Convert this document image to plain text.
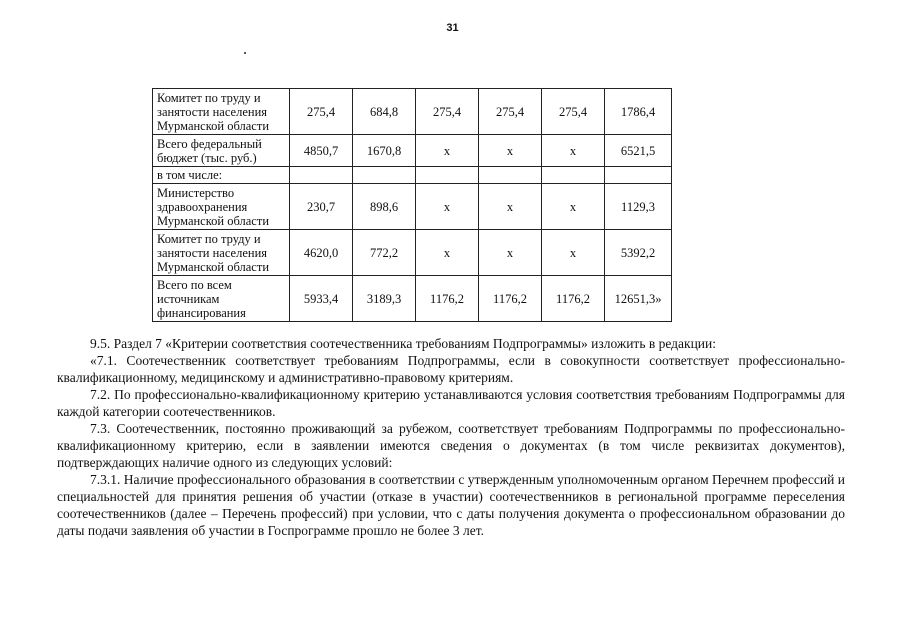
31
Комитет по труду и занятости населения Мурманской области	275,4	684,8	275,4	275,4	275,4	1786,4
Всего федеральный бюджет (тыс. руб.)	4850,7	1670,8	х	х	х	6521,5
в том числе:						
Министерство здравоохранения Мурманской области	230,7	898,6	х	х	х	1129,3
Комитет по труду и занятости населения Мурманской области	4620,0	772,2	х	х	х	5392,2
Всего по всем источникам финансирования	5933,4	3189,3	1176,2	1176,2	1176,2	12651,3»

9.5. Раздел 7 «Критерии соответствия соотечественника требованиям Подпрограммы» изложить в редакции:

«7.1. Соотечественник соответствует требованиям Подпрограммы, если в совокупности соответствует профессионально-квалификационному, медицинскому и административно-правовому критериям.

7.2. По профессионально-квалификационному критерию устанавливаются условия соответствия требованиям Подпрограммы для каждой категории соотечественников.

7.3. Соотечественник, постоянно проживающий за рубежом, соответствует требованиям Подпрограммы по профессионально-квалификационному критерию, если в заявлении имеются сведения о документах (в том числе реквизитах документов), подтверждающих наличие одного из следующих условий:

7.3.1. Наличие профессионального образования в соответствии с утвержденным уполномоченным органом Перечнем профессий и специальностей для принятия решения об участии (отказе в участии) соотечественников в региональной программе переселения соотечественников (далее – Перечень профессий) при условии, что с даты получения документа о профессиональном образовании до даты подачи заявления об участии в Госпрограмме прошло не более 3 лет.
